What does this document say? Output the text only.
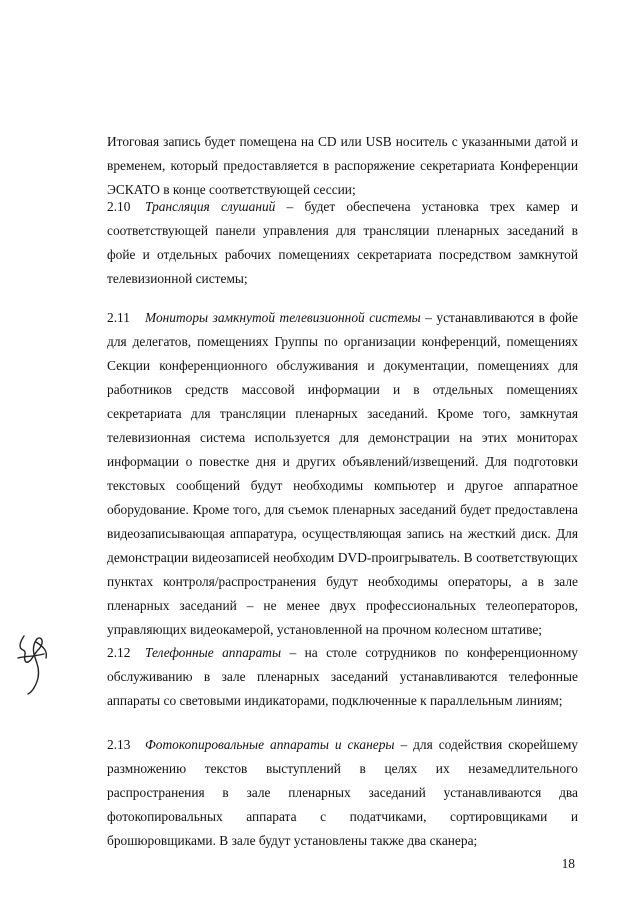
Итоговая запись будет помещена на CD или USB носитель с указанными датой и временем, который предоставляется в распоряжение секретариата Конференции ЭСКАТО в конце соответствующей сессии;
2.10 Трансляция слушаний – будет обеспечена установка трех камер и соответствующей панели управления для трансляции пленарных заседаний в фойе и отдельных рабочих помещениях секретариата посредством замкнутой телевизионной системы;
2.11 Мониторы замкнутой телевизионной системы – устанавливаются в фойе для делегатов, помещениях Группы по организации конференций, помещениях Секции конференционного обслуживания и документации, помещениях для работников средств массовой информации и в отдельных помещениях секретариата для трансляции пленарных заседаний. Кроме того, замкнутая телевизионная система используется для демонстрации на этих мониторах информации о повестке дня и других объявлений/извещений. Для подготовки текстовых сообщений будут необходимы компьютер и другое аппаратное оборудование. Кроме того, для съемок пленарных заседаний будет предоставлена видеозаписывающая аппаратура, осуществляющая запись на жесткий диск. Для демонстрации видеозаписей необходим DVD-проигрыватель. В соответствующих пунктах контроля/распространения будут необходимы операторы, а в зале пленарных заседаний – не менее двух профессиональных телеоператоров, управляющих видеокамерой, установленной на прочном колесном штативе;
2.12 Телефонные аппараты – на столе сотрудников по конференционному обслуживанию в зале пленарных заседаний устанавливаются телефонные аппараты со световыми индикаторами, подключенные к параллельным линиям;
2.13 Фотокопировальные аппараты и сканеры – для содействия скорейшему размножению текстов выступлений в целях их незамедлительного распространения в зале пленарных заседаний устанавливаются два фотокопировальных аппарата с податчиками, сортировщиками и брошюровщиками. В зале будут установлены также два сканера;
18
